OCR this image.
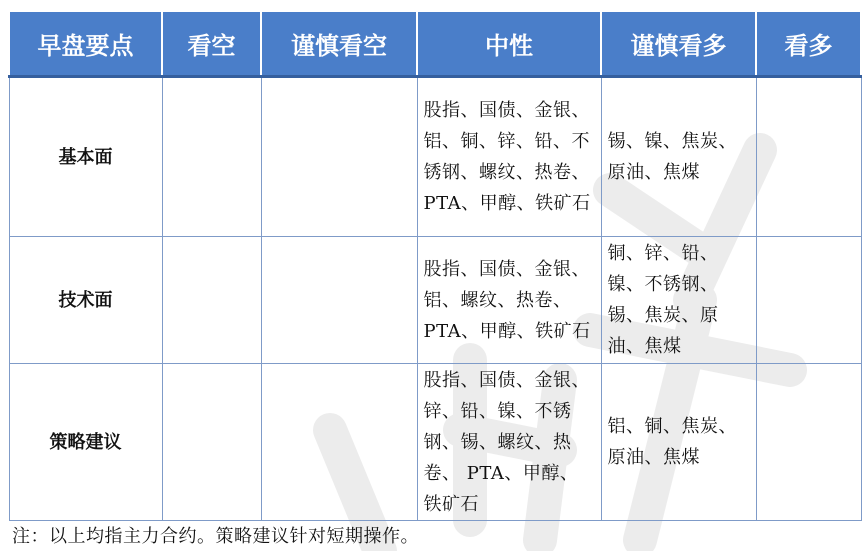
早盘要点	看空	谨慎看空	中性	谨慎看多	看多
基本面			股指、国债、金银、铝、铜、锌、铅、不锈钢、螺纹、热卷、 PTA、甲醇、铁矿石	锡、镍、焦炭、原油、焦煤	
技术面			股指、国债、金银、铝、螺纹、热卷、PTA、甲醇、铁矿石	铜、锌、铅、镍、不锈钢、锡、焦炭、原油、焦煤	
策略建议			股指、国债、金银、锌、铅、镍、不锈钢、锡、螺纹、热卷、 PTA、甲醇、铁矿石	铝、铜、焦炭、原油、焦煤	
注：以上均指主力合约。策略建议针对短期操作。
